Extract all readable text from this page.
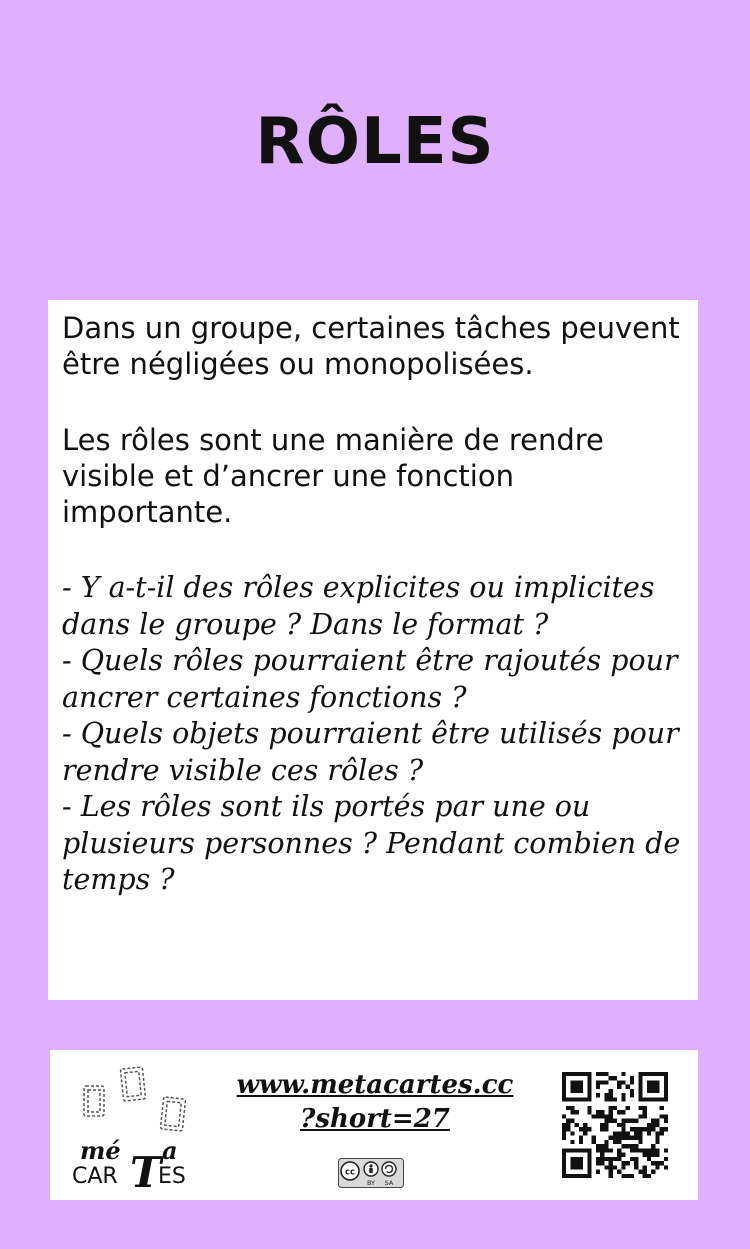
RÔLES

Dans un groupe, certaines tâches peuvent être négligées ou monopolisées.

Les rôles sont une manière de rendre visible et d’ancrer une fonction importante.

- Y a-t-il des rôles explicites ou implicites dans le groupe ? Dans le format ?
- Quels rôles pourraient être rajoutés pour ancrer certaines fonctions ?
- Quels objets pourraient être utilisés pour rendre visible ces rôles ?
- Les rôles sont ils portés par une ou plusieurs personnes ? Pendant combien de temps ?
mé a
CAR T
ES
www.metacartes.cc
?short=27
cc
BY SA
